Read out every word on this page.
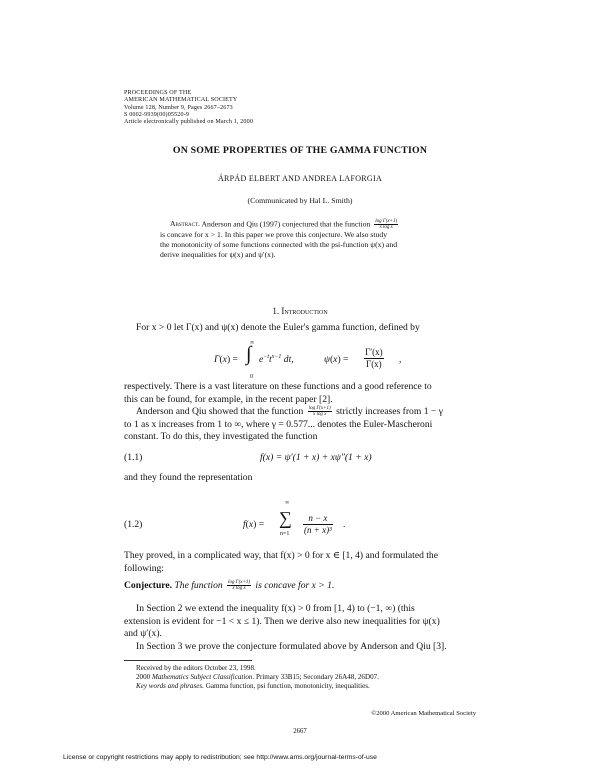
PROCEEDINGS OF THE
AMERICAN MATHEMATICAL SOCIETY
Volume 128, Number 9, Pages 2667–2673
S 0002-9939(00)05520-9
Article electronically published on March 1, 2000
ON SOME PROPERTIES OF THE GAMMA FUNCTION
ÁRPÁD ELBERT AND ANDREA LAFORGIA
(Communicated by Hal L. Smith)
Abstract. Anderson and Qiu (1997) conjectured that the function $\frac{\text{log Γ(x+1)}}{\text{x log x}}$
is concave for x > 1. In this paper we prove this conjecture. We also study
the monotonicity of some functions connected with the psi-function ψ(x) and
derive inequalities for ψ(x) and ψ′(x).
1. Introduction
For x > 0 let Γ(x) and ψ(x) denote the Euler's gamma function, defined by
Γ(x) = ∫
∞
0
$e^{-t}t^{x-1}$ dt,	$\psi(x) = \frac{\Gamma'(x)}{\Gamma(x)}$ ,
respectively. There is a vast literature on these functions and a good reference to
this can be found, for example, in the recent paper [2].
Anderson and Qiu showed that the function $\frac{\text{log Γ(x+1)}}{\text{x log x}}$ strictly increases from 1 − γ
to 1 as x increases from 1 to ∞, where γ = 0.577... denotes the Euler-Mascheroni
constant. To do this, they investigated the function
(1.1)	f(x) = ψ′(1 + x) + xψ″(1 + x)
and they found the representation
(1.2)	f(x) =
∞
∑
$n=1 \frac{n - x}{\text{(n + x)³}}$ .
They proved, in a complicated way, that f(x) > 0 for x ∈ [1, 4) and formulated the
following:
Conjecture. The function $\frac{\text{log Γ(x+1)}}{\text{x log x}}$ is concave for x > 1.
In Section 2 we extend the inequality f(x) > 0 from [1, 4) to (−1, ∞) (this
extension is evident for −1 < x ≤ 1). Then we derive also new inequalities for ψ(x)
and ψ′(x).
In Section 3 we prove the conjecture formulated above by Anderson and Qiu [3].
Received by the editors October 23, 1998.
2000 Mathematics Subject Classification. Primary 33B15; Secondary 26A48, 26D07.
Key words and phrases. Gamma function, psi function, monotonicity, inequalities.
©2000 American Mathematical Society
2667
License or copyright restrictions may apply to redistribution; see http://www.ams.org/journal-terms-of-use
